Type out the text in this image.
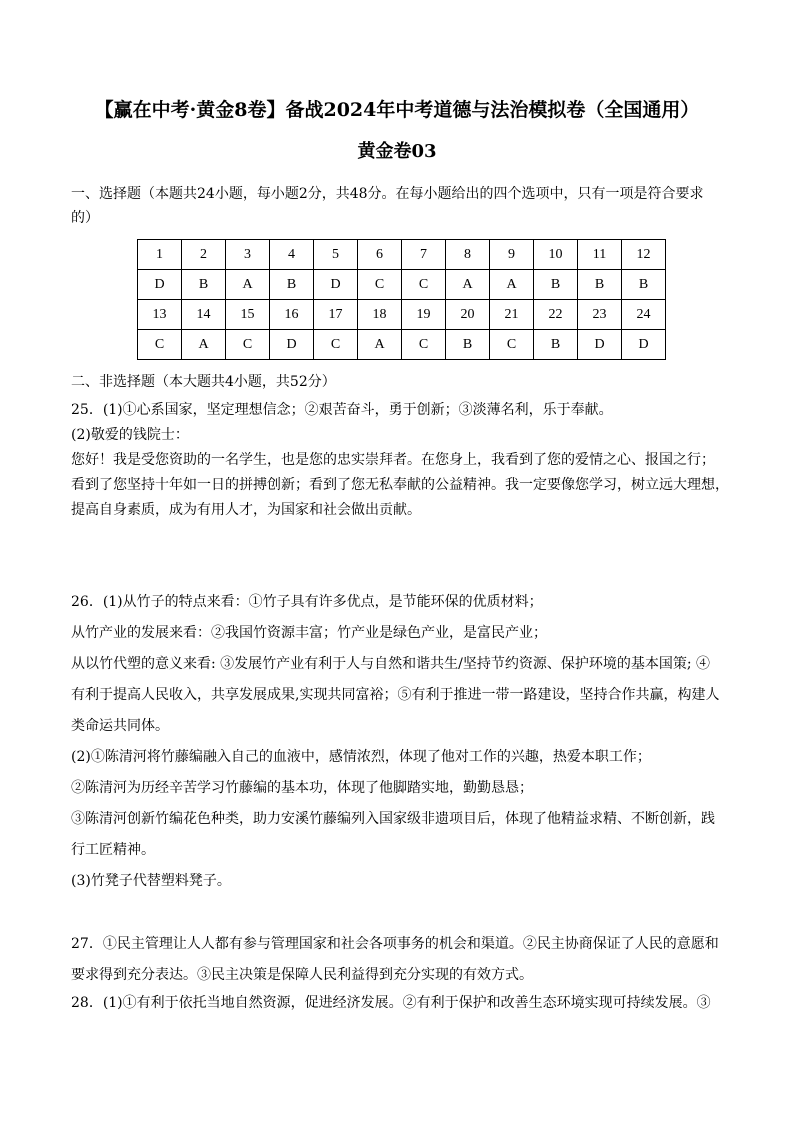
【赢在中考·黄金8卷】备战2024年中考道德与法治模拟卷（全国通用）
黄金卷03
一、选择题（本题共24小题，每小题2分，共48分。在每小题给出的四个选项中，只有一项是符合要求的）
1	2	3	4	5	6	7	8	9	10	11	12
D	B	A	B	D	C	C	A	A	B	B	B
13	14	15	16	17	18	19	20	21	22	23	24
C	A	C	D	C	A	C	B	C	B	D	D
二、非选择题（本大题共4小题，共52分）
25．(1)①心系国家，坚定理想信念；②艰苦奋斗，勇于创新；③淡薄名利，乐于奉献。
(2)敬爱的钱院士：
您好！我是受您资助的一名学生，也是您的忠实崇拜者。在您身上，我看到了您的爱情之心、报国之行；
看到了您坚持十年如一日的拼搏创新；看到了您无私奉献的公益精神。我一定要像您学习，树立远大理想，
提高自身素质，成为有用人才，为国家和社会做出贡献。
26．(1)从竹子的特点来看：①竹子具有许多优点，是节能环保的优质材料；
从竹产业的发展来看：②我国竹资源丰富；竹产业是绿色产业，是富民产业；
从以竹代塑的意义来看: ③发展竹产业有利于人与自然和谐共生/坚持节约资源、保护环境的基本国策; ④
有利于提高人民收入，共享发展成果,实现共同富裕；⑤有利于推进一带一路建设，坚持合作共赢，构建人
类命运共同体。
(2)①陈清河将竹藤编融入自己的血液中，感情浓烈，体现了他对工作的兴趣，热爱本职工作；
②陈清河为历经辛苦学习竹藤编的基本功，体现了他脚踏实地，勤勤恳恳；
③陈清河创新竹编花色种类，助力安溪竹藤编列入国家级非遗项目后，体现了他精益求精、不断创新，践
行工匠精神。
(3)竹凳子代替塑料凳子。
27．①民主管理让人人都有参与管理国家和社会各项事务的机会和渠道。②民主协商保证了人民的意愿和
要求得到充分表达。③民主决策是保障人民利益得到充分实现的有效方式。
28．(1)①有利于依托当地自然资源，促进经济发展。②有利于保护和改善生态环境实现可持续发展。③
